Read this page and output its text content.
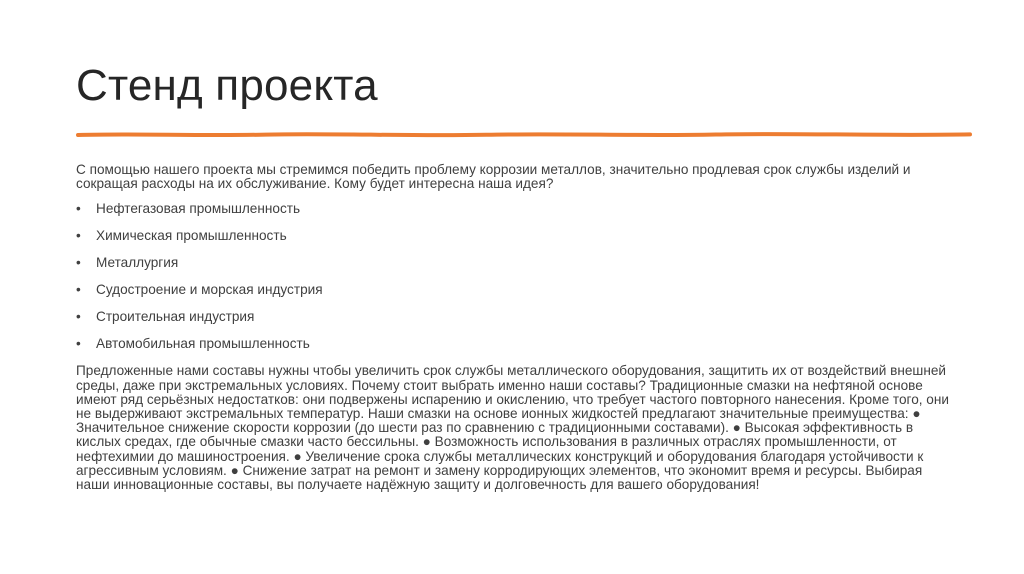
Стенд проекта

С помощью нашего проекта мы стремимся победить проблему коррозии металлов, значительно продлевая срок службы изделий и сокращая расходы на их обслуживание. Кому будет интересна наша идея?

•	Нефтегазовая промышленность
•	Химическая промышленность
•	Металлургия
•	Судостроение и морская индустрия
•	Строительная индустрия
•	Автомобильная промышленность

Предложенные нами составы нужны чтобы увеличить срок службы металлического оборудования, защитить их от воздействий внешней среды, даже при экстремальных условиях. Почему стоит выбрать именно наши составы? Традиционные смазки на нефтяной основе имеют ряд серьёзных недостатков: они подвержены испарению и окислению, что требует частого повторного нанесения. Кроме того, они не выдерживают экстремальных температур. Наши смазки на основе ионных жидкостей предлагают значительные преимущества: ● Значительное снижение скорости коррозии (до шести раз по сравнению с традиционными составами). ● Высокая эффективность в кислых средах, где обычные смазки часто бессильны. ● Возможность использования в различных отраслях промышленности, от нефтехимии до машиностроения. ● Увеличение срока службы металлических конструкций и оборудования благодаря устойчивости к агрессивным условиям. ● Снижение затрат на ремонт и замену корродирующих элементов, что экономит время и ресурсы. Выбирая наши инновационные составы, вы получаете надёжную защиту и долговечность для вашего оборудования!
